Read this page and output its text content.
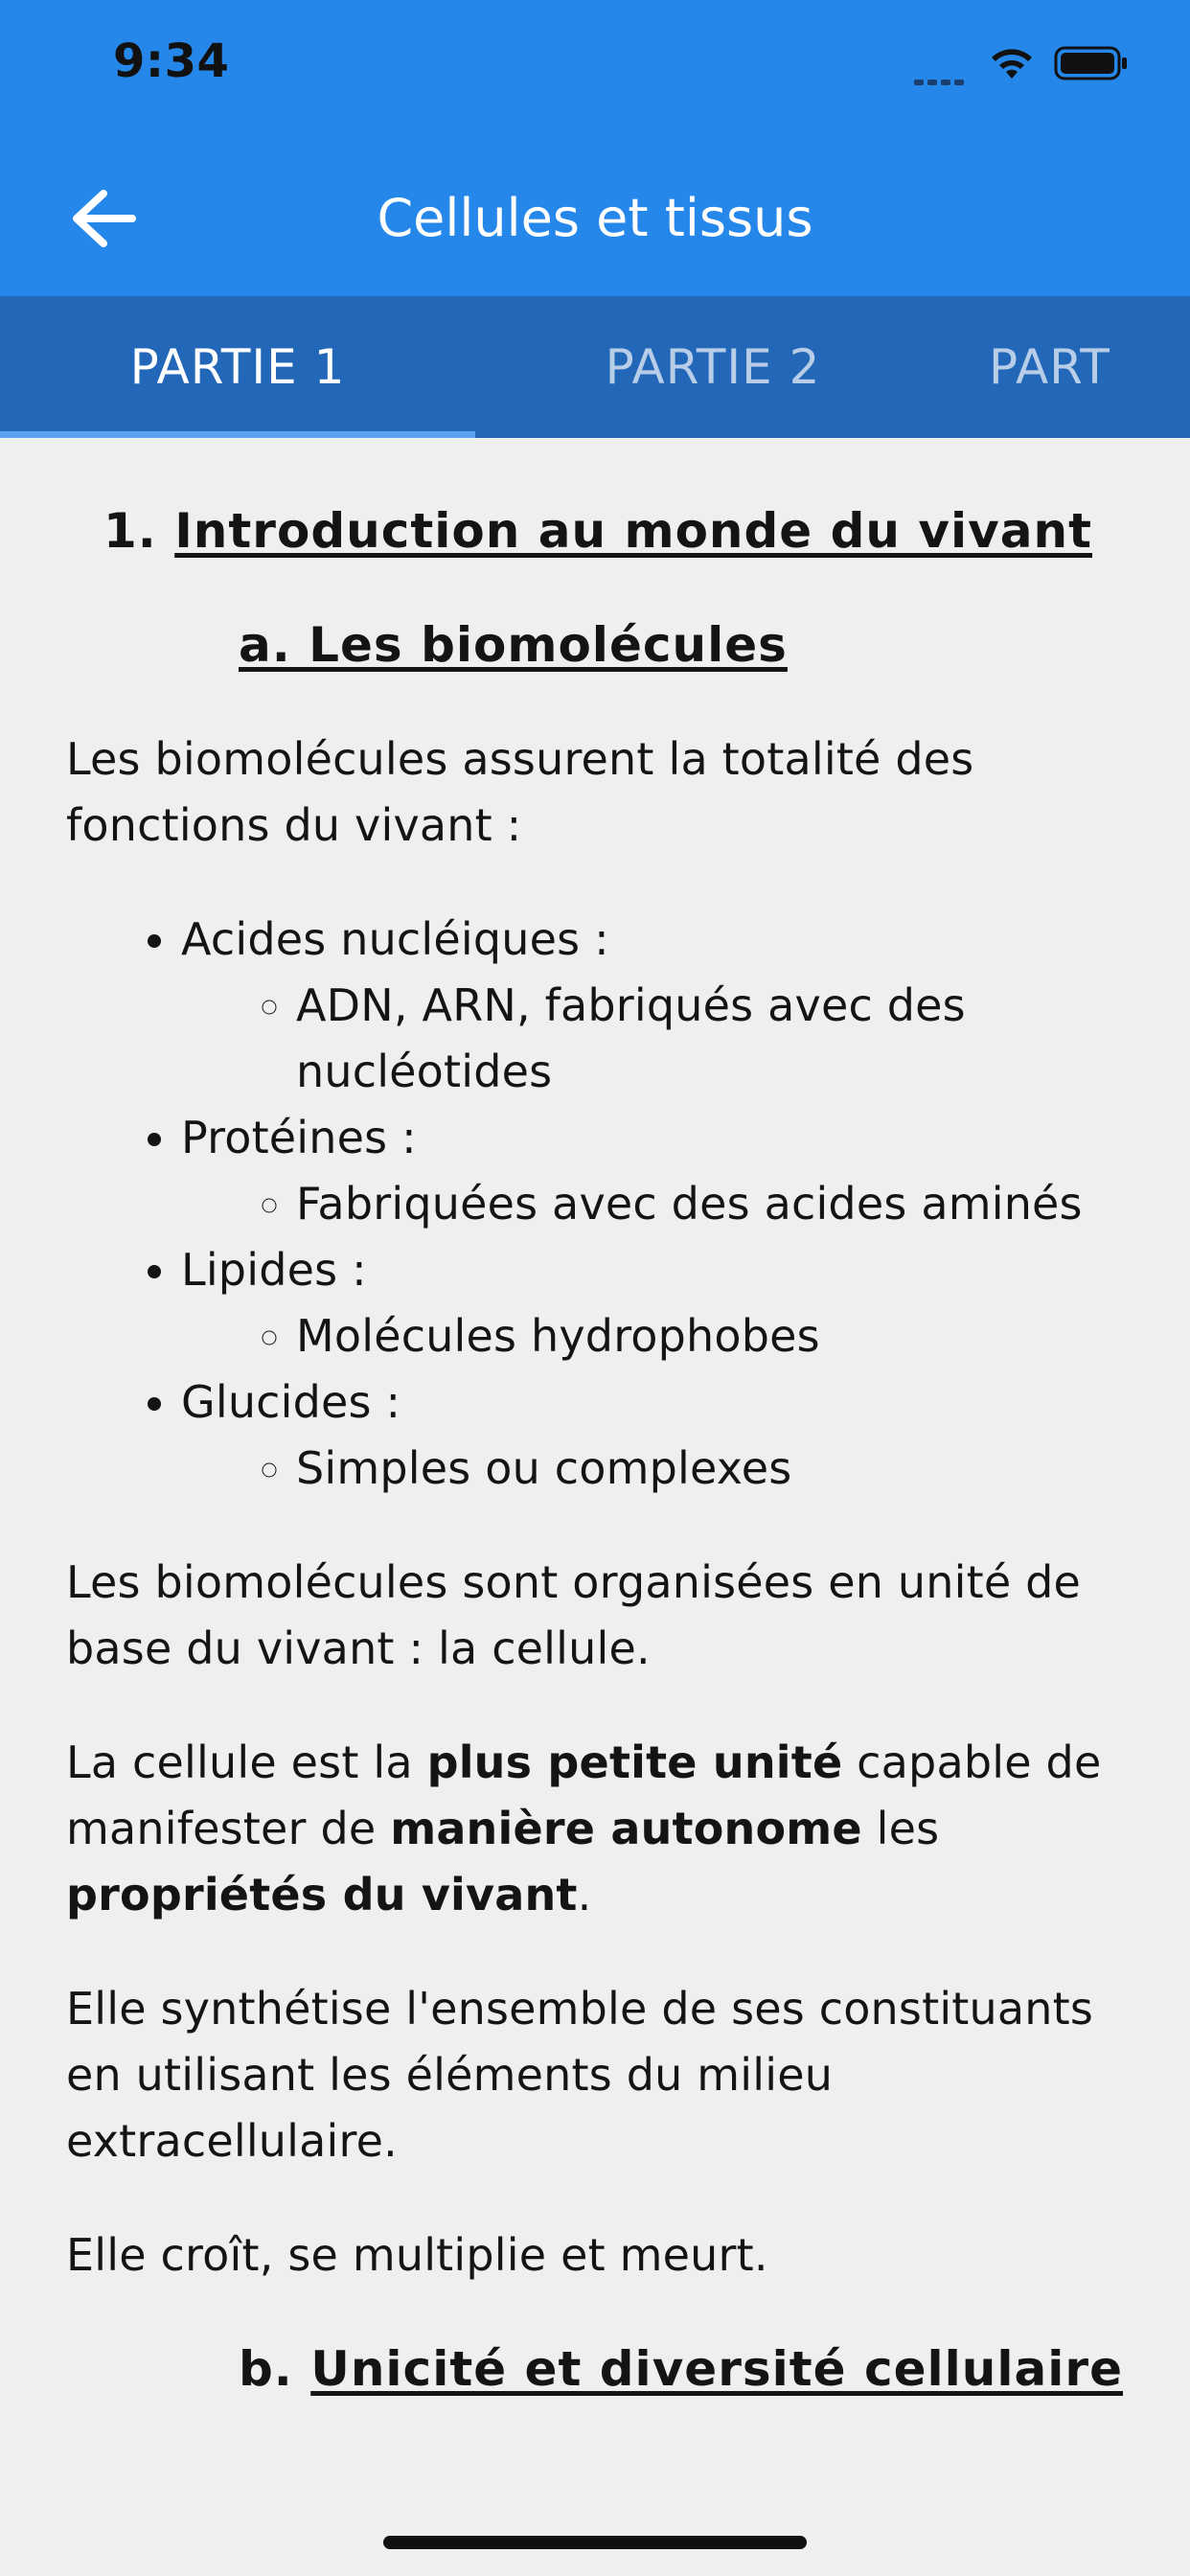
9:34
Cellules et tissus
PARTIE 1	PARTIE 2	PART
1. Introduction au monde du vivant
a. Les biomolécules

Les biomolécules assurent la totalité des fonctions du vivant :

• Acides nucléiques :
◦ ADN, ARN, fabriqués avec des nucléotides
• Protéines :
◦ Fabriquées avec des acides aminés
• Lipides :
◦ Molécules hydrophobes
• Glucides :
◦ Simples ou complexes

Les biomolécules sont organisées en unité de base du vivant : la cellule.

La cellule est la plus petite unité capable de manifester de manière autonome les propriétés du vivant.

Elle synthétise l'ensemble de ses constituants en utilisant les éléments du milieu extracellulaire.

Elle croît, se multiplie et meurt.

b. Unicité et diversité cellulaire
